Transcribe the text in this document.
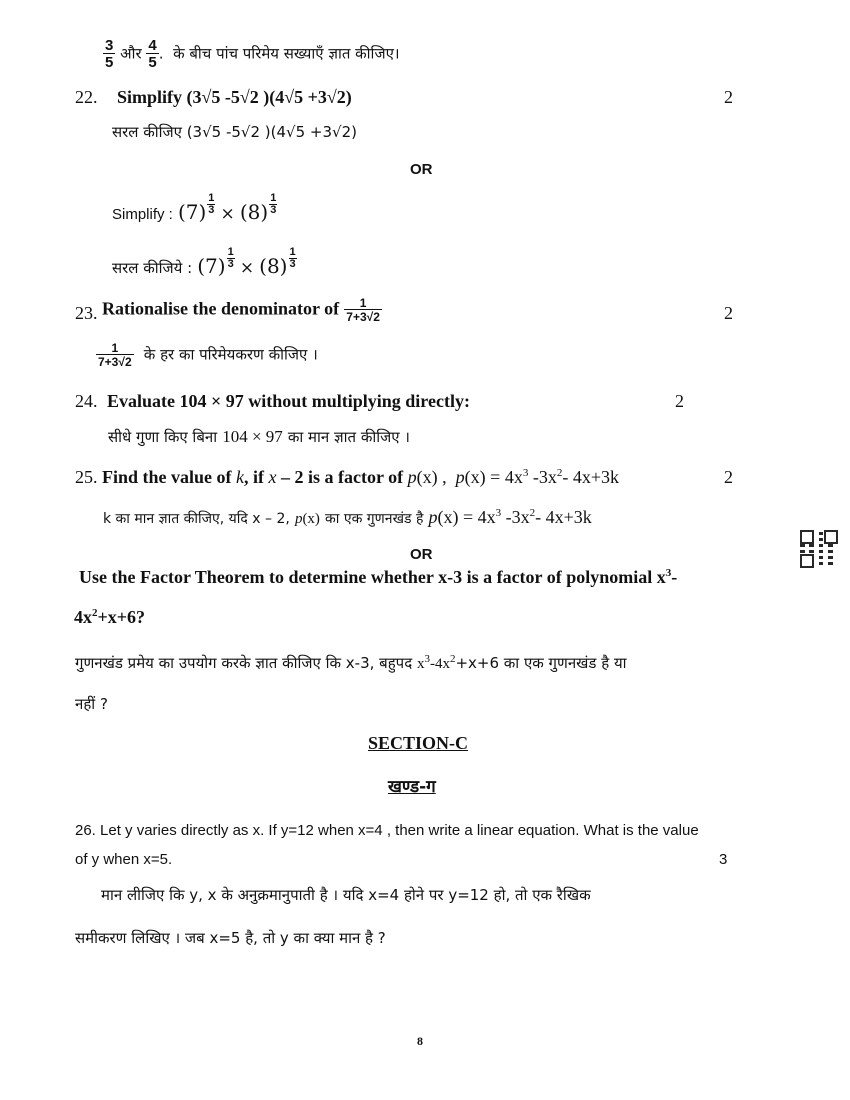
$\frac{3}{5}$ और $\frac{4}{5}$ . के बीच पांच परिमेय सख्याएँ ज्ञात कीजिए।
22. Simplify (3√5 -5√2 )(4√5 +3√2)	2
सरल कीजिए (3√5 -5√2 )(4√5 +3√2)
OR
Simplify : (7) $^{\frac{1}{3}}$ × (8) $^{\frac{1}{3}}$
सरल कीजिये : (7) $^{\frac{1}{3}}$ × (8) $^{\frac{1}{3}}$
23. Rationalise the denominator of $\frac{1}{7+3√2}$	2
$\frac{1}{7+3√2}$ के हर का परिमेयकरण कीजिए ।
24. Evaluate 104 × 97 without multiplying directly:	2
सीधे गुणा किए बिना 104 × 97 का मान ज्ञात कीजिए ।
25. Find the value of k, if x – 2 is a factor of p(x) , $p(x) = 4x^3$ $-3x^2-$ 4x+3k	2
k का मान ज्ञात कीजिए, यदि x – 2, p(x) का एक गुणनखंड है $p(x) = 4x^3$ $-3x^2-$ 4x+3k
OR
Use the Factor Theorem to determine whether x-3 is a factor of polynomial $x^3-$
$4x^2+x+6$?
गुणनखंड प्रमेय का उपयोग करके ज्ञात कीजिए कि x-3, बहुपद $x^3-4x^2+x+6$ का एक गुणनखंड है या
नहीं ?
SECTION-C
खण्ड-ग
26. Let y varies directly as x. If y=12 when x=4 , then write a linear equation. What is the value
of y when x=5.	3
मान लीजिए कि y, x के अनुक्रमानुपाती है । यदि x=4 होने पर y=12 हो, तो एक रैखिक
समीकरण लिखिए । जब x=5 है, तो y का क्या मान है ?
8
